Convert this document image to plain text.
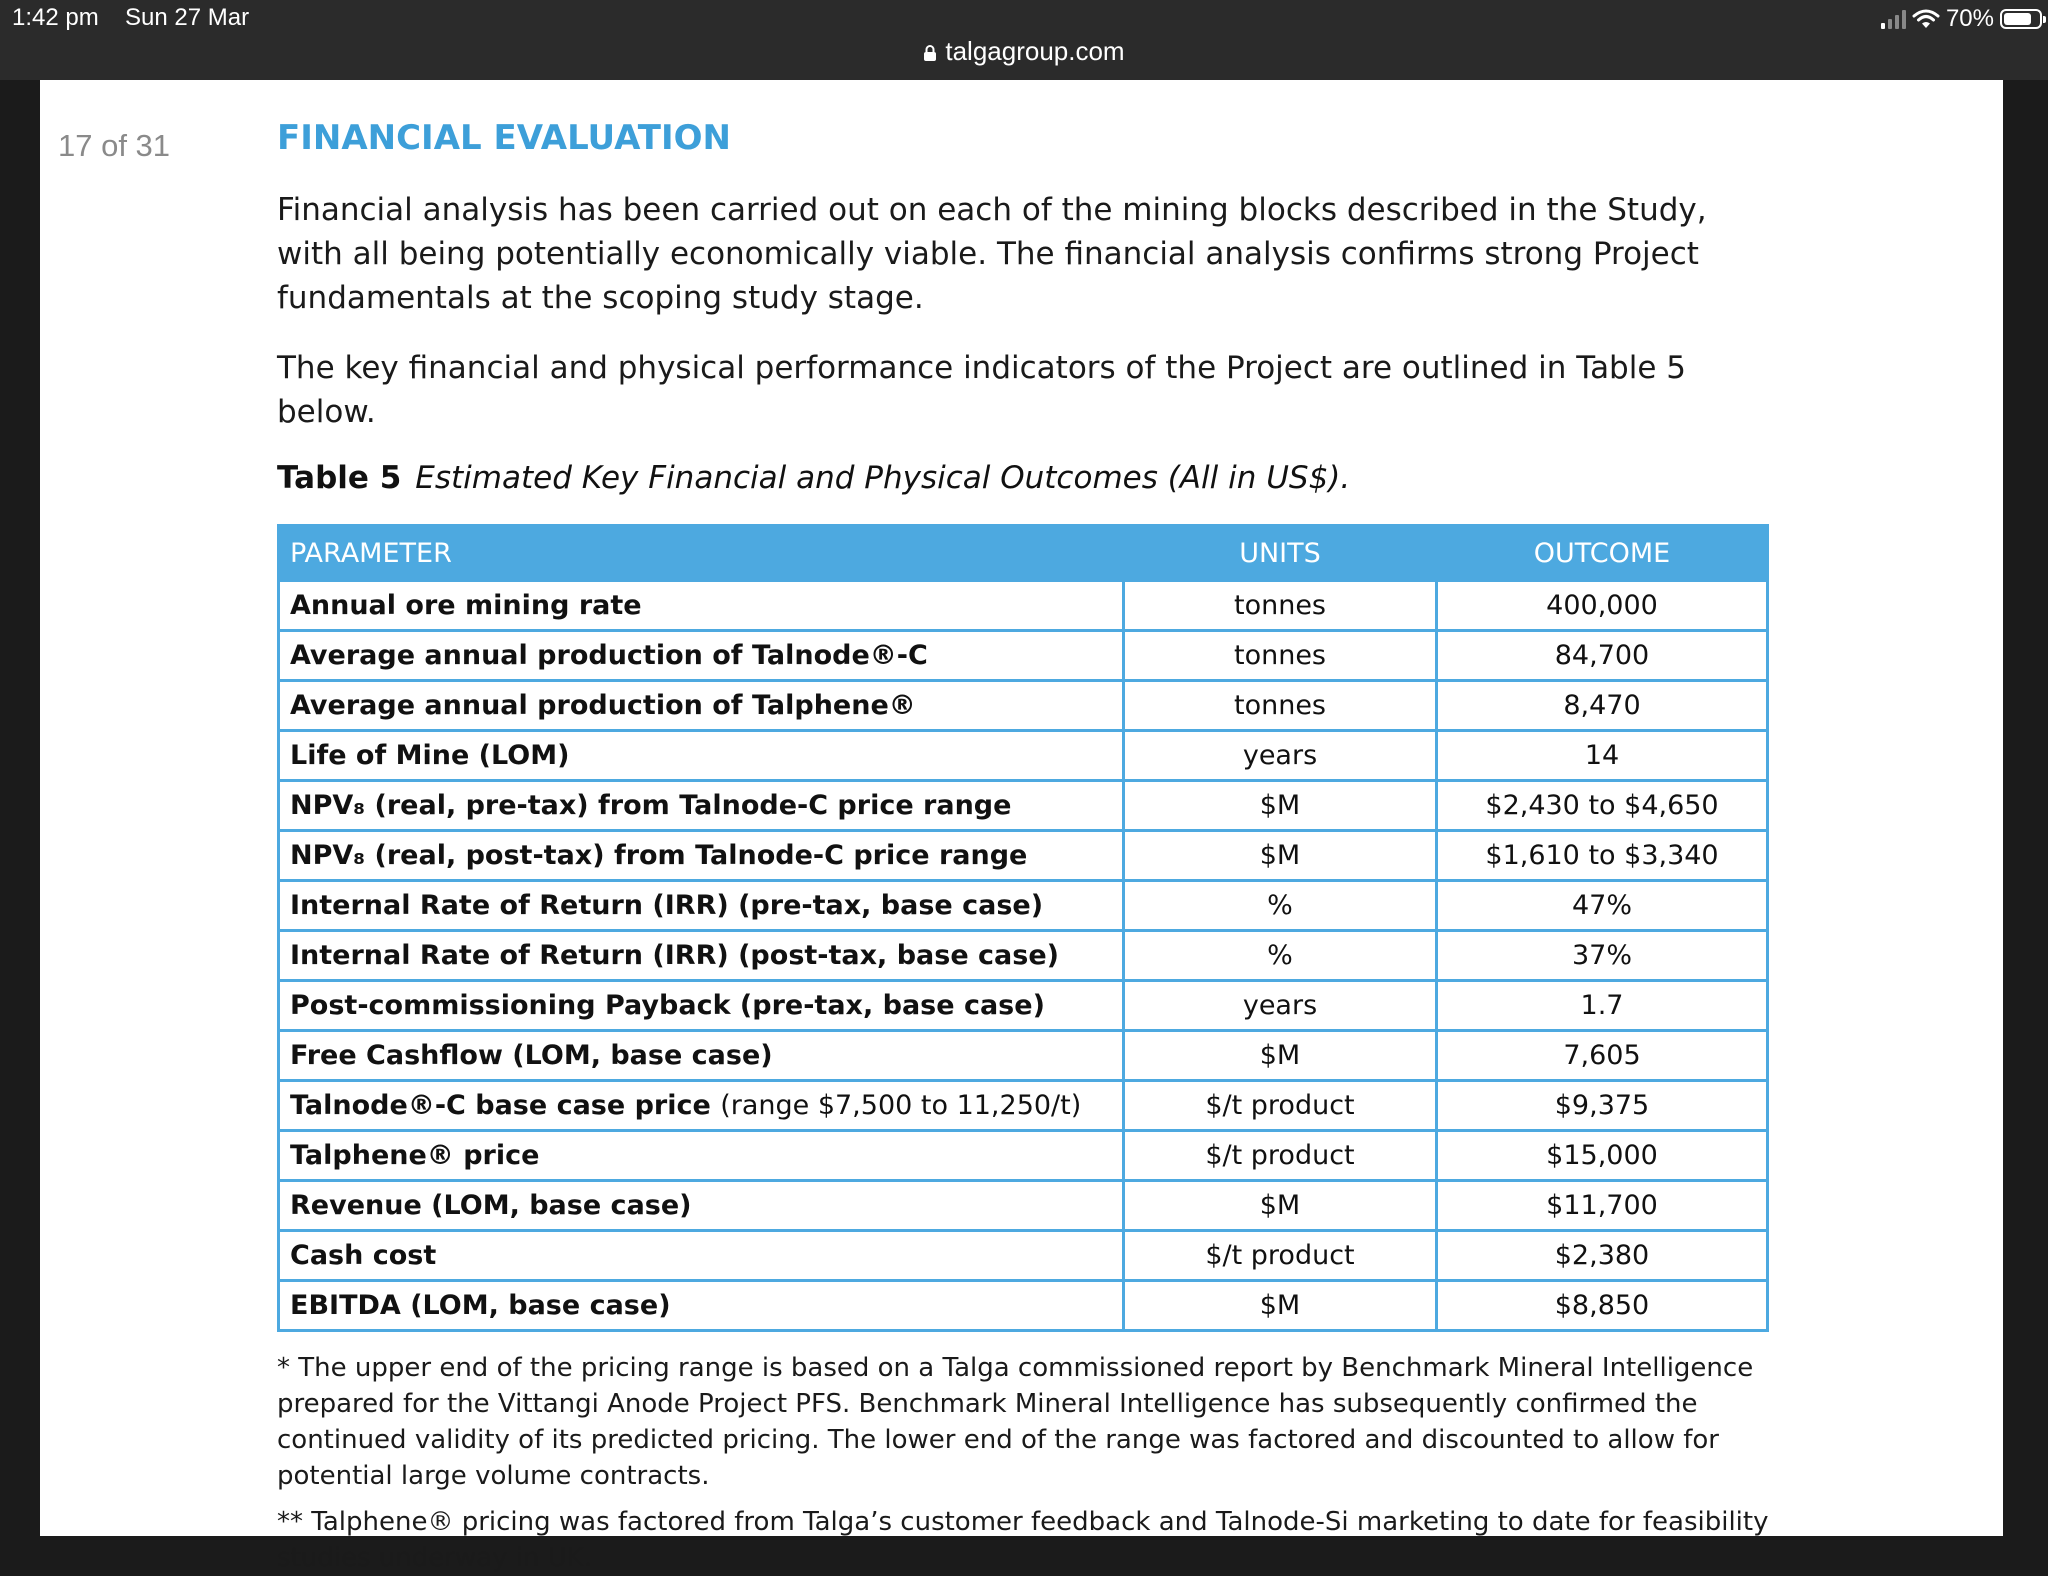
1:42 pm Sun 27 Mar	70%
talgagroup.com
17 of 31	FINANCIAL EVALUATION

Financial analysis has been carried out on each of the mining blocks described in the Study, with all being potentially economically viable. The financial analysis confirms strong Project fundamentals at the scoping study stage.

The key financial and physical performance indicators of the Project are outlined in Table 5 below.

Table 5 Estimated Key Financial and Physical Outcomes (All in US$).
PARAMETER	UNITS	OUTCOME
Annual ore mining rate	tonnes	400,000
Average annual production of Talnode®-C	tonnes	84,700
Average annual production of Talphene®	tonnes	8,470
Life of Mine (LOM)	years	14
NPV₈ (real, pre-tax) from Talnode-C price range	$M	$2,430 to $4,650
NPV₈ (real, post-tax) from Talnode-C price range	$M	$1,610 to $3,340
Internal Rate of Return (IRR) (pre-tax, base case)	%	47%
Internal Rate of Return (IRR) (post-tax, base case)	%	37%
Post-commissioning Payback (pre-tax, base case)	years	1.7
Free Cashflow (LOM, base case)	$M	7,605
Talnode®-C base case price (range $7,500 to 11,250/t)	$/t product	$9,375
Talphene® price	$/t product	$15,000
Revenue (LOM, base case)	$M	$11,700
Cash cost	$/t product	$2,380
EBITDA (LOM, base case)	$M	$8,850

* The upper end of the pricing range is based on a Talga commissioned report by Benchmark Mineral Intelligence prepared for the Vittangi Anode Project PFS. Benchmark Mineral Intelligence has subsequently confirmed the continued validity of its predicted pricing. The lower end of the range was factored and discounted to allow for potential large volume contracts.

** Talphene® pricing was factored from Talga’s customer feedback and Talnode-Si marketing to date for feasibility studies underway in UK.
